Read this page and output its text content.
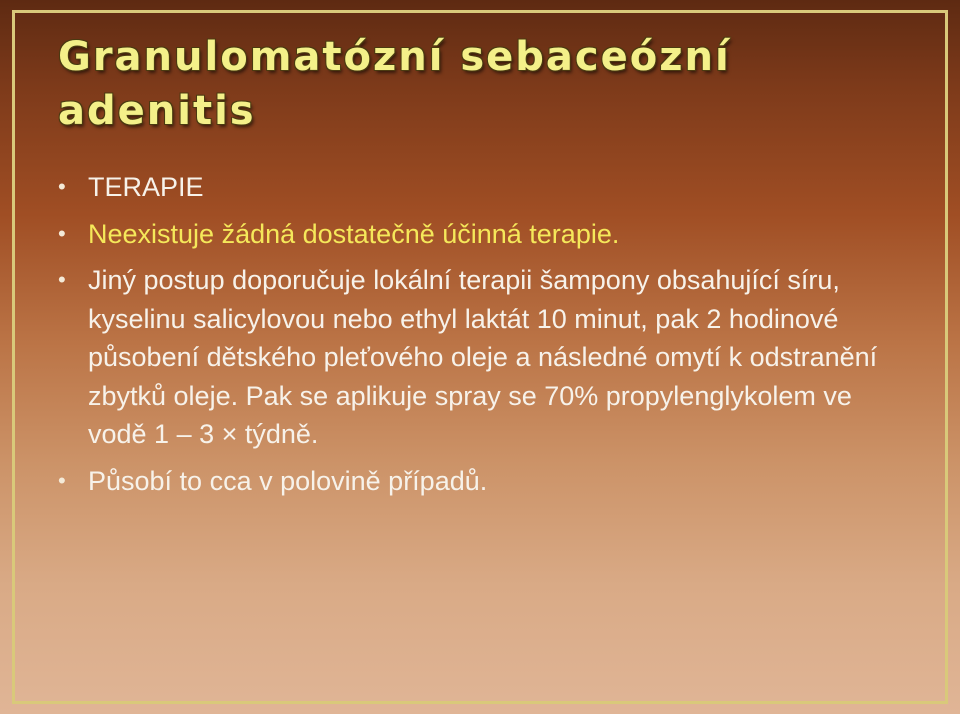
Granulomatózní sebaceózní adenitis
• TERAPIE
• Neexistuje žádná dostatečně účinná terapie.
• Jiný postup doporučuje lokální terapii šampony obsahující síru, kyselinu salicylovou nebo ethyl laktát 10 minut, pak 2 hodinové působení dětského pleťového oleje a následné omytí k odstranění zbytků oleje. Pak se aplikuje spray se 70% propylenglykolem ve vodě 1 – 3 × týdně.
• Působí to cca v polovině případů.
